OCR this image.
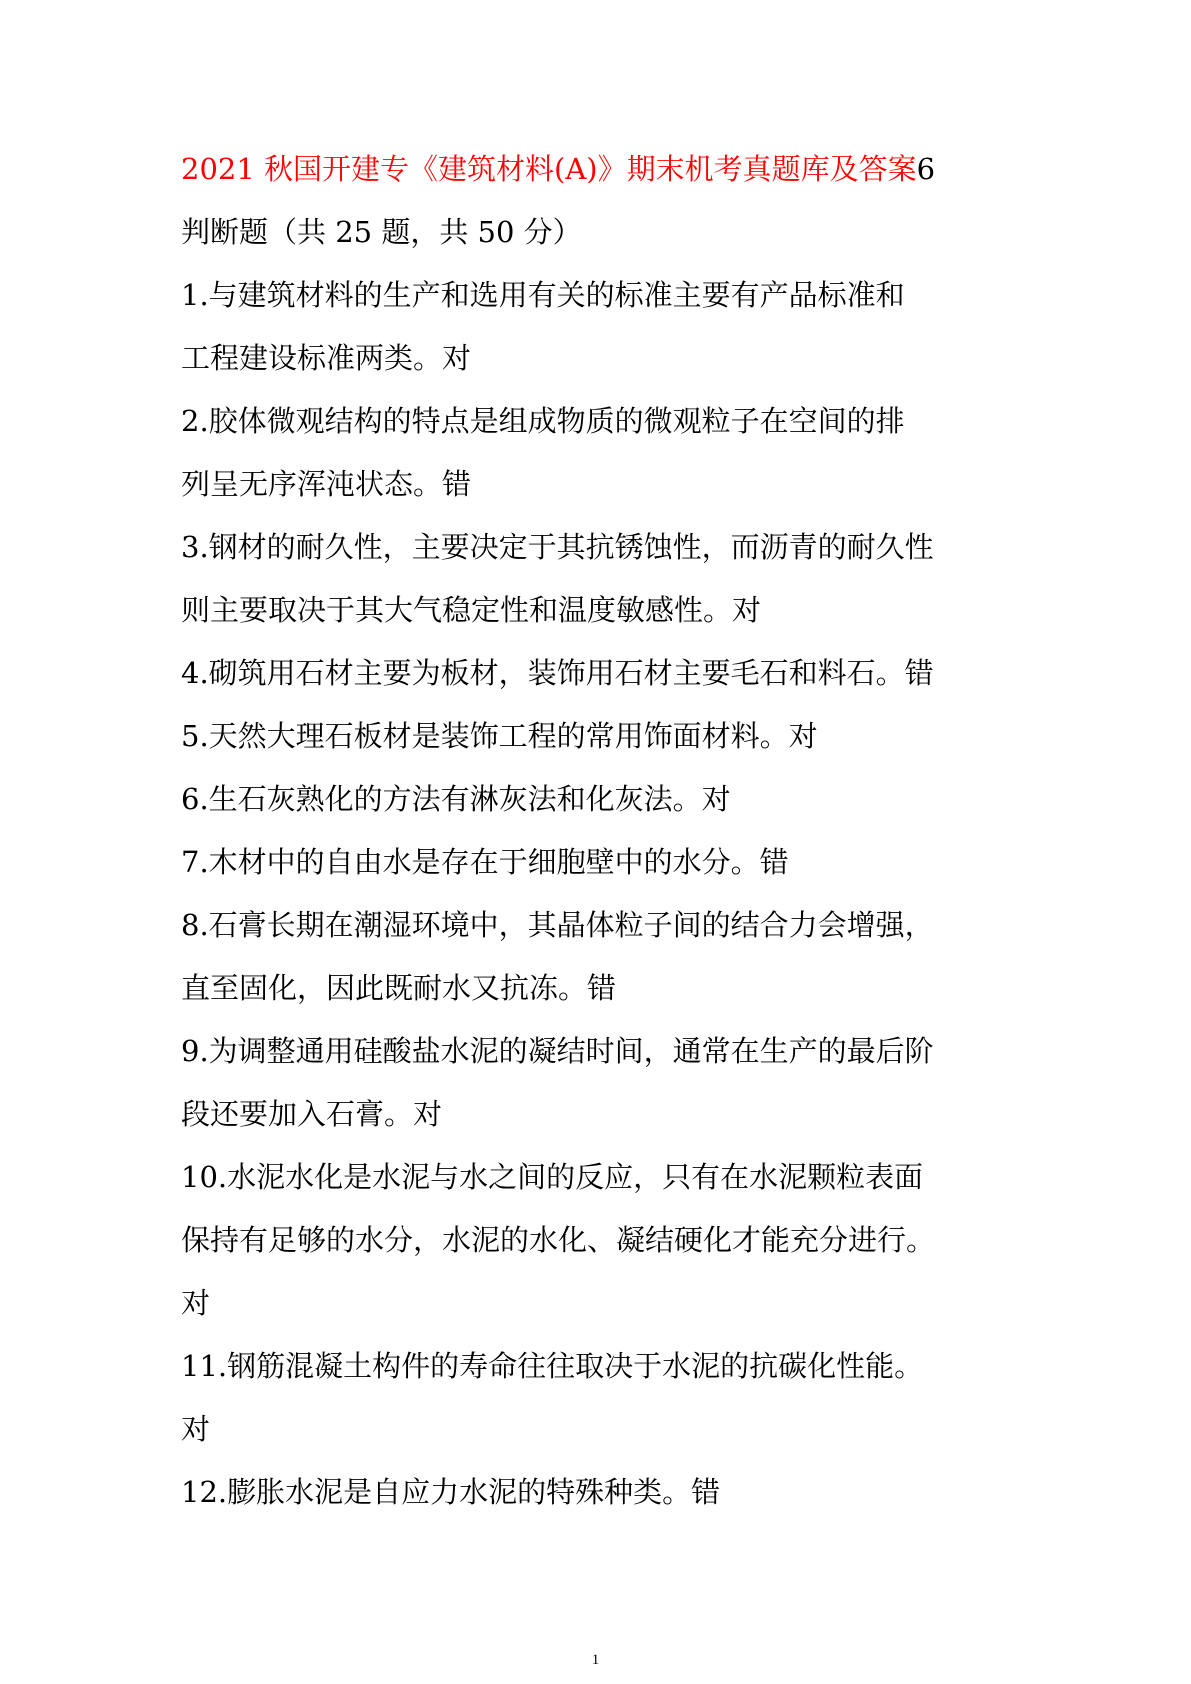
2021 秋国开建专《建筑材料(A)》期末机考真题库及答案6
判断题（共 25 题，共 50 分）
1.与建筑材料的生产和选用有关的标准主要有产品标准和
工程建设标准两类。对
2.胶体微观结构的特点是组成物质的微观粒子在空间的排
列呈无序浑沌状态。错
3.钢材的耐久性，主要决定于其抗锈蚀性，而沥青的耐久性
则主要取决于其大气稳定性和温度敏感性。对
4.砌筑用石材主要为板材，装饰用石材主要毛石和料石。错
5.天然大理石板材是装饰工程的常用饰面材料。对
6.生石灰熟化的方法有淋灰法和化灰法。对
7.木材中的自由水是存在于细胞壁中的水分。错
8.石膏长期在潮湿环境中，其晶体粒子间的结合力会增强，
直至固化，因此既耐水又抗冻。错
9.为调整通用硅酸盐水泥的凝结时间，通常在生产的最后阶
段还要加入石膏。对
10.水泥水化是水泥与水之间的反应，只有在水泥颗粒表面
保持有足够的水分，水泥的水化、凝结硬化才能充分进行。
对
11.钢筋混凝土构件的寿命往往取决于水泥的抗碳化性能。
对
12.膨胀水泥是自应力水泥的特殊种类。错
1
